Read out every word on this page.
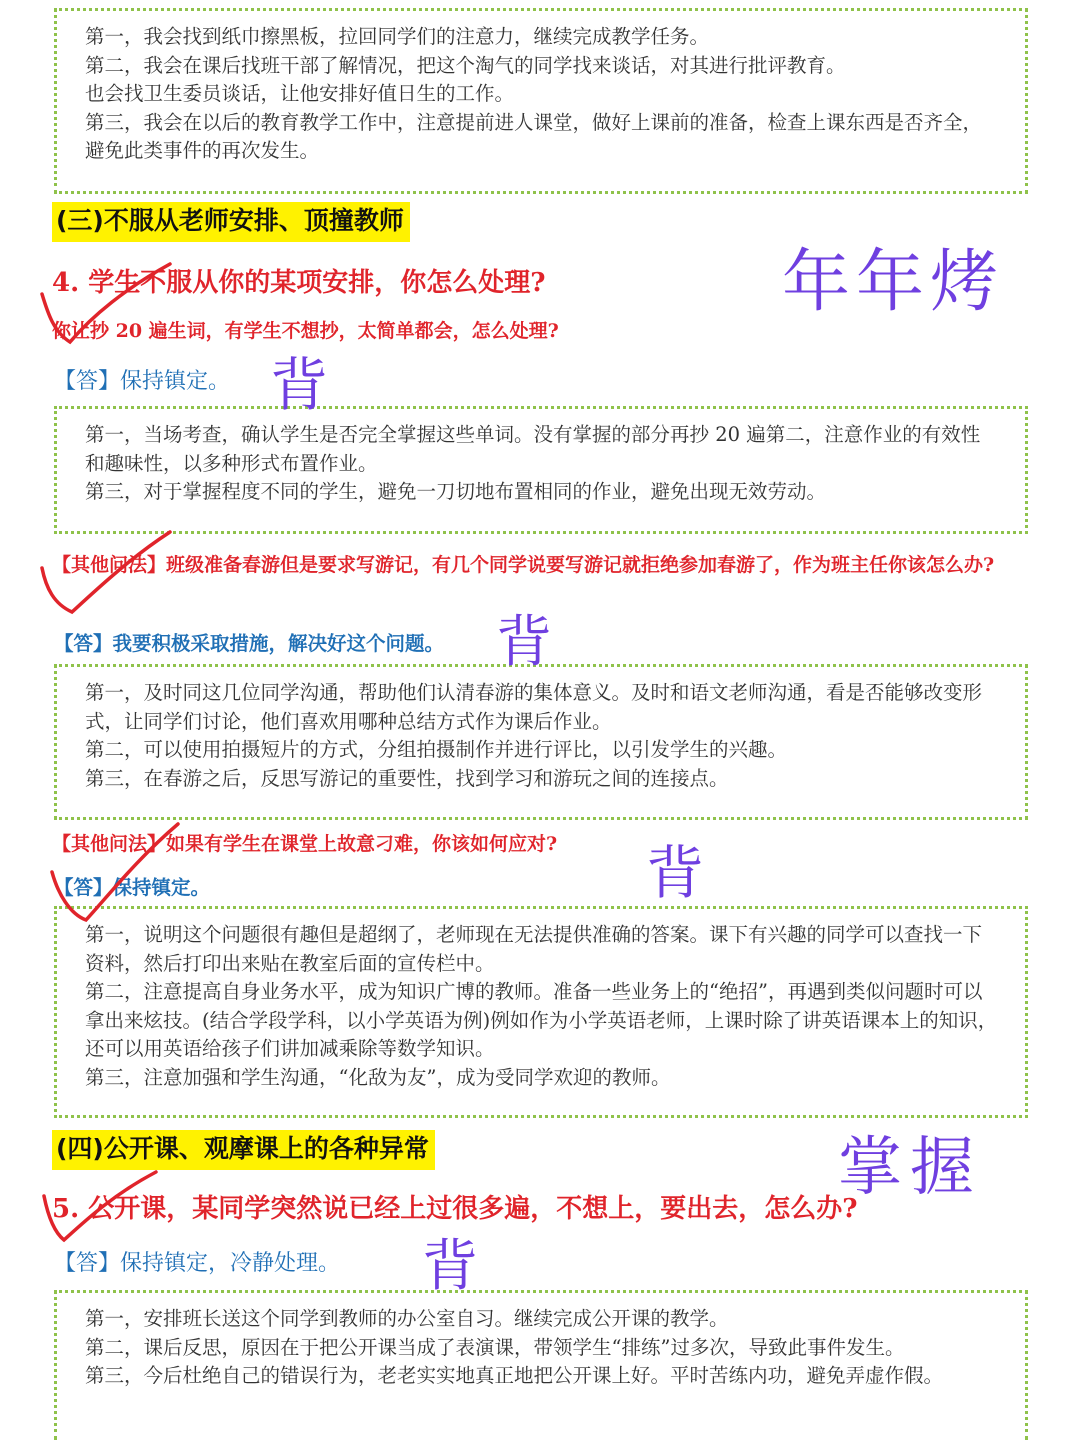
第一，我会找到纸巾擦黑板，拉回同学们的注意力，继续完成教学任务。

第二，我会在课后找班干部了解情况，把这个淘气的同学找来谈话，对其进行批评教育。

也会找卫生委员谈话，让他安排好值日生的工作。

第三，我会在以后的教育教学工作中，注意提前进人课堂，做好上课前的准备，检查上课东西是否齐全，避免此类事件的再次发生。

(三)不服从老师安排、顶撞教师
4. 学生不服从你的某项安排，你怎么处理?
你让抄 20 遍生词，有学生不想抄，太简单都会，怎么处理?
【答】保持镇定。

第一，当场考查，确认学生是否完全掌握这些单词。没有掌握的部分再抄 20 遍第二，注意作业的有效性和趣味性，以多种形式布置作业。

第三，对于掌握程度不同的学生，避免一刀切地布置相同的作业，避免出现无效劳动。

【其他问法】班级准备春游但是要求写游记，有几个同学说要写游记就拒绝参加春游了，作为班主任你该怎么办?
【答】我要积极采取措施，解决好这个问题。

第一，及时同这几位同学沟通，帮助他们认清春游的集体意义。及时和语文老师沟通，看是否能够改变形式，让同学们讨论，他们喜欢用哪种总结方式作为课后作业。

第二，可以使用拍摄短片的方式，分组拍摄制作并进行评比，以引发学生的兴趣。

第三，在春游之后，反思写游记的重要性，找到学习和游玩之间的连接点。

【其他问法】如果有学生在课堂上故意刁难，你该如何应对?
【答】保持镇定。

第一，说明这个问题很有趣但是超纲了，老师现在无法提供准确的答案。课下有兴趣的同学可以查找一下资料，然后打印出来贴在教室后面的宣传栏中。

第二，注意提高自身业务水平，成为知识广博的教师。准备一些业务上的“绝招”，再遇到类似问题时可以拿出来炫技。(结合学段学科，以小学英语为例)例如作为小学英语老师，上课时除了讲英语课本上的知识，还可以用英语给孩子们讲加减乘除等数学知识。

第三，注意加强和学生沟通，“化敌为友”，成为受同学欢迎的教师。

(四)公开课、观摩课上的各种异常
5. 公开课，某同学突然说已经上过很多遍，不想上，要出去，怎么办?
【答】保持镇定，冷静处理。

第一，安排班长送这个同学到教师的办公室自习。继续完成公开课的教学。

第二，课后反思，原因在于把公开课当成了表演课，带领学生“排练”过多次，导致此事件发生。

第三，今后杜绝自己的错误行为，老老实实地真正地把公开课上好。平时苦练内功，避免弄虚作假。

年年烤
背
背
背
掌握
背
